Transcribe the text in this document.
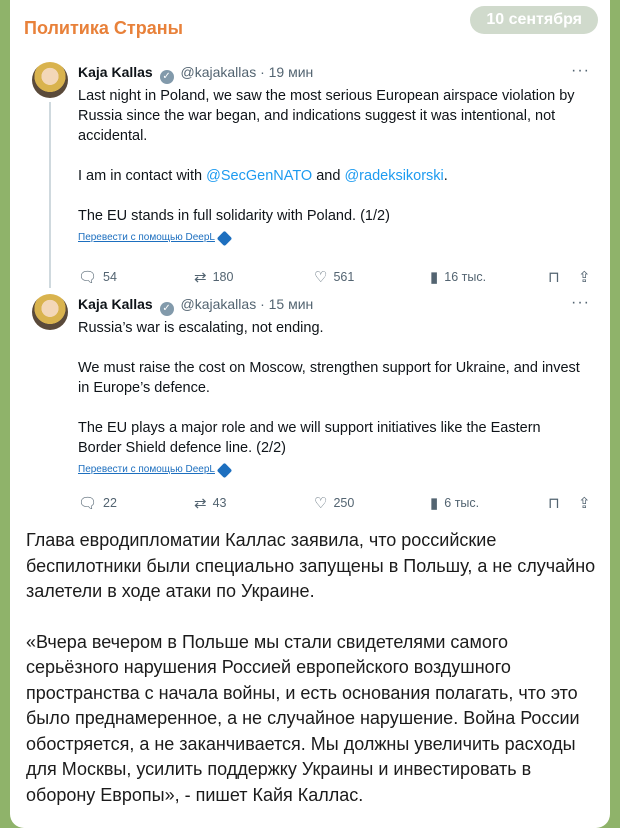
Политика Страны	10 сентября
Kaja Kallas ✓ @kajakallas · 19 мин	···

Last night in Poland, we saw the most serious European airspace violation by Russia since the war began, and indications suggest it was intentional, not accidental.

I am in contact with @SecGenNATO and @radeksikorski.

The EU stands in full solidarity with Poland. (1/2)

Перевести с помощью DeepL
🗨 54	⇄ 180	♡ 561	▮ 16 тыс.	⊓ ⇪
Kaja Kallas ✓ @kajakallas · 15 мин	···

Russia’s war is escalating, not ending.

We must raise the cost on Moscow, strengthen support for Ukraine, and invest in Europe’s defence.

The EU plays a major role and we will support initiatives like the Eastern Border Shield defence line. (2/2)

Перевести с помощью DeepL
🗨 22	⇄ 43	♡ 250	▮ 6 тыс.	⊓ ⇪

Глава евродипломатии Каллас заявила, что российские беспилотники были специально запущены в Польшу, а не случайно залетели в ходе атаки по Украине.

«Вчера вечером в Польше мы стали свидетелями самого серьёзного нарушения Россией европейского воздушного пространства с начала войны, и есть основания полагать, что это было преднамеренное, а не случайное нарушение. Война России обостряется, а не заканчивается. Мы должны увеличить расходы для Москвы, усилить поддержку Украины и инвестировать в оборону Европы», - пишет Кайя Каллас.
